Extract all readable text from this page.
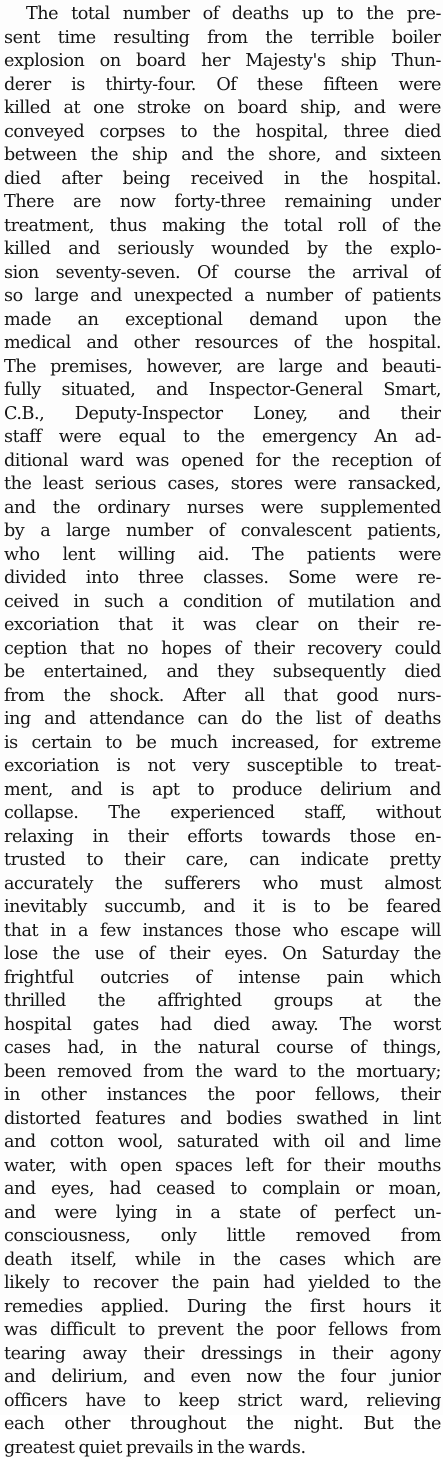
The total number of deaths up to the pre-
sent time resulting from the terrible boiler
explosion on board her Majesty's ship Thun-
derer is thirty-four. Of these fifteen were
killed at one stroke on board ship, and were
conveyed corpses to the hospital, three died
between the ship and the shore, and sixteen
died after being received in the hospital.
There are now forty-three remaining under
treatment, thus making the total roll of the
killed and seriously wounded by the explo-
sion seventy-seven. Of course the arrival of
so large and unexpected a number of patients
made an exceptional demand upon the
medical and other resources of the hospital.
The premises, however, are large and beauti-
fully situated, and Inspector-General Smart,
C.B., Deputy-Inspector Loney, and their
staff were equal to the emergency An ad-
ditional ward was opened for the reception of
the least serious cases, stores were ransacked,
and the ordinary nurses were supplemented
by a large number of convalescent patients,
who lent willing aid. The patients were
divided into three classes. Some were re-
ceived in such a condition of mutilation and
excoriation that it was clear on their re-
ception that no hopes of their recovery could
be entertained, and they subsequently died
from the shock. After all that good nurs-
ing and attendance can do the list of deaths
is certain to be much increased, for extreme
excoriation is not very susceptible to treat-
ment, and is apt to produce delirium and
collapse. The experienced staff, without
relaxing in their efforts towards those en-
trusted to their care, can indicate pretty
accurately the sufferers who must almost
inevitably succumb, and it is to be feared
that in a few instances those who escape will
lose the use of their eyes. On Saturday the
frightful outcries of intense pain which
thrilled the affrighted groups at the
hospital gates had died away. The worst
cases had, in the natural course of things,
been removed from the ward to the mortuary;
in other instances the poor fellows, their
distorted features and bodies swathed in lint
and cotton wool, saturated with oil and lime
water, with open spaces left for their mouths
and eyes, had ceased to complain or moan,
and were lying in a state of perfect un-
consciousness, only little removed from
death itself, while in the cases which are
likely to recover the pain had yielded to the
remedies applied. During the first hours it
was difficult to prevent the poor fellows from
tearing away their dressings in their agony
and delirium, and even now the four junior
officers have to keep strict ward, relieving
each other throughout the night. But the
greatest quiet prevails in the wards.
